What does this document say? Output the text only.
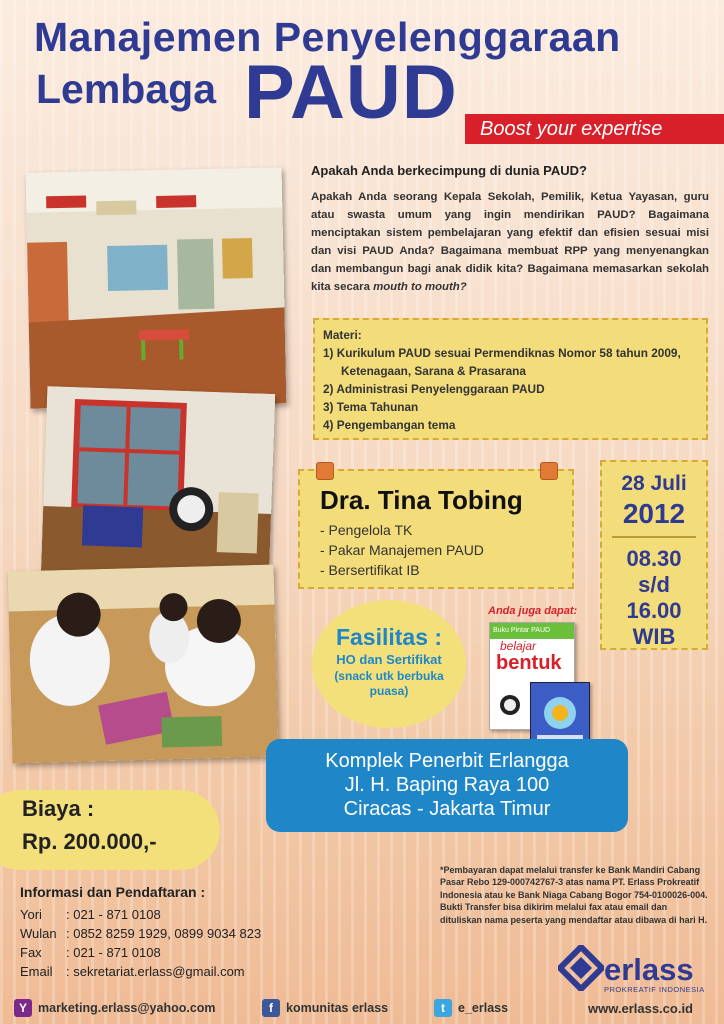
Manajemen Penyelenggaraan
Lembaga PAUD	Boost your expertise
Apakah Anda berkecimpung di dunia PAUD?
Apakah Anda seorang Kepala Sekolah, Pemilik, Ketua Yayasan, guru atau swasta umum yang ingin mendirikan PAUD? Bagaimana menciptakan sistem pembelajaran yang efektif dan efisien sesuai misi dan visi PAUD Anda? Bagaimana membuat RPP yang menyenangkan dan membangun bagi anak didik kita? Bagaimana memasarkan sekolah kita secara mouth to mouth?
Materi:
1) Kurikulum PAUD sesuai Permendiknas Nomor 58 tahun 2009,
Ketenagaan, Sarana & Prasarana
2) Administrasi Penyelenggaraan PAUD
3) Tema Tahunan
4) Pengembangan tema
Dra. Tina Tobing
- Pengelola TK
- Pakar Manajemen PAUD
- Bersertifikat IB
28 Juli
2012
08.30
s/d
16.00
WIB
Anda juga dapat:
Buku Pintar PAUD
belajar
bentuk
Fasilitas :
HO dan Sertifikat
(snack utk berbuka
puasa)
Komplek Penerbit Erlangga
Jl. H. Baping Raya 100
Ciracas - Jakarta Timur
Biaya :
Rp. 200.000,-
*Pembayaran dapat melalui transfer ke Bank Mandiri Cabang Pasar Rebo 129-000742767-3 atas nama PT. Erlass Prokreatif Indonesia atau ke Bank Niaga Cabang Bogor 754-0100026-004. Bukti Transfer bisa dikirim melalui fax atau email dan dituliskan nama peserta yang mendaftar atau dibawa di hari H.
Informasi dan Pendaftaran :
Yori : 021 - 871 0108
Wulan : 0852 8259 1929, 0899 9034 823
Fax : 021 - 871 0108
Email : sekretariat.erlass@gmail.com	erlass
PROKREATIF INDONESIA
Y marketing.erlass@yahoo.com	f	komunitas erlass	t	e_erlass	www.erlass.co.id
